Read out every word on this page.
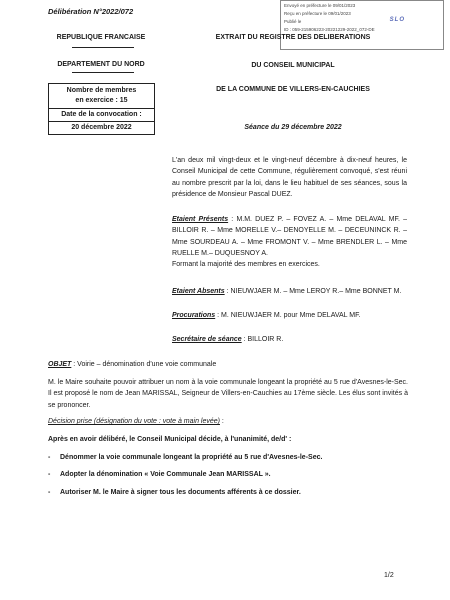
Envoyé en préfecture le 09/01/2023
Reçu en préfecture le 09/01/2023
Publié le
ID : 059-215906223-20221229-2022_072-DE
SLO
Délibération N°2022/072
REPUBLIQUE FRANCAISE
DEPARTEMENT DU NORD
Nombre de membres
en exercice : 15
Date de la convocation :
20 décembre 2022
EXTRAIT DU REGISTRE DES DELIBERATIONS
DU CONSEIL MUNICIPAL
DE LA COMMUNE DE VILLERS-EN-CAUCHIES
Séance du 29 décembre 2022
L'an deux mil vingt-deux et le vingt-neuf décembre à dix-neuf heures, le Conseil Municipal de cette Commune, régulièrement convoqué, s'est réuni au nombre prescrit par la loi, dans le lieu habituel de ses séances, sous la présidence de Monsieur Pascal DUEZ.
Etaient Présents : M.M. DUEZ P. – FOVEZ A. – Mme DELAVAL MF. – BILLOIR R. – Mme MORELLE V.– DENOYELLE M. – DECEUNINCK R. – Mme SOURDEAU A. – Mme FROMONT V. – Mme BRENDLER L. – Mme RUELLE M.– DUQUESNOY A.
Formant la majorité des membres en exercices.
Etaient Absents : NIEUWJAER M. – Mme LEROY R.– Mme BONNET M.
Procurations : M. NIEUWJAER M. pour Mme DELAVAL MF.
Secrétaire de séance : BILLOIR R.
OBJET : Voirie – dénomination d'une voie communale
M. le Maire souhaite pouvoir attribuer un nom à la voie communale longeant la propriété au 5 rue d'Avesnes-le-Sec. Il est proposé le nom de Jean MARISSAL, Seigneur de Villers-en-Cauchies au 17ème siècle. Les élus sont invités à se prononcer.
Décision prise (désignation du vote : vote à main levée) :
Après en avoir délibéré, le Conseil Municipal décide, à l'unanimité, de/d' :
- Dénommer la voie communale longeant la propriété au 5 rue d'Avesnes-le-Sec.
- Adopter la dénomination « Voie Communale Jean MARISSAL ».
- Autoriser M. le Maire à signer tous les documents afférents à ce dossier.
1/2
